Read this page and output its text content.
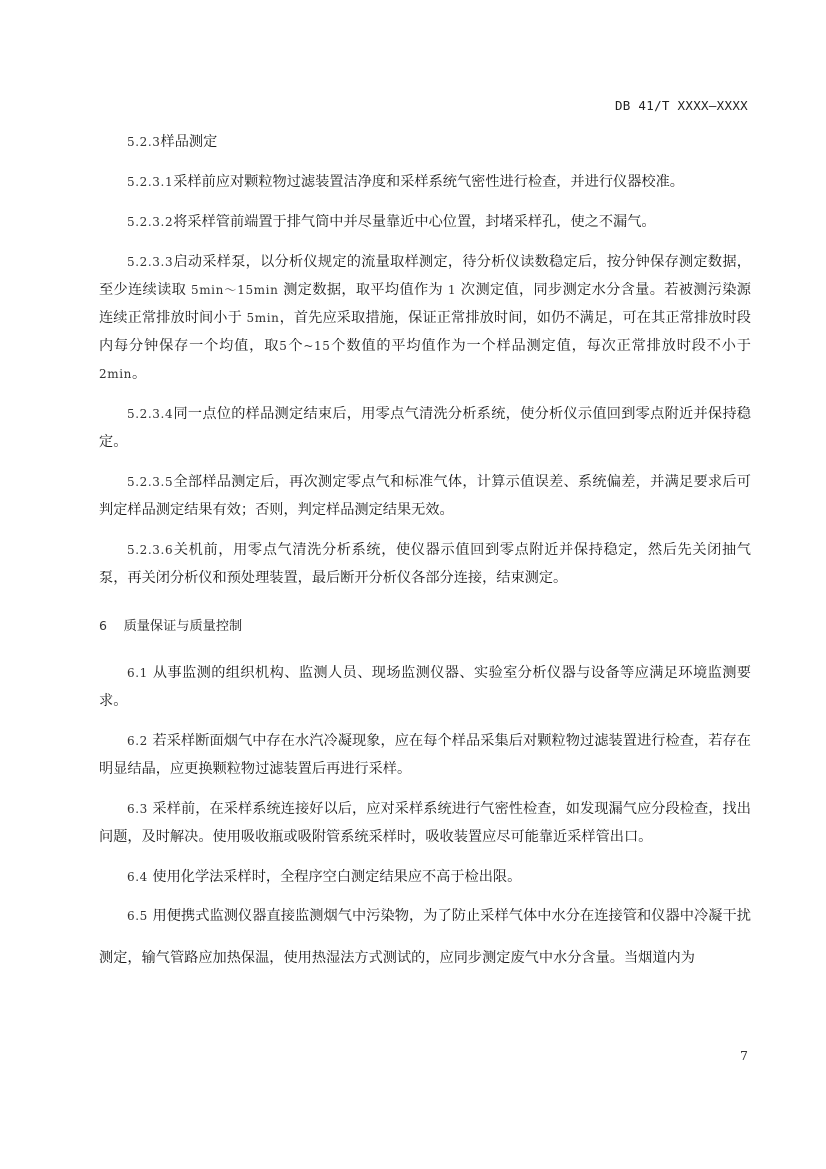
DB 41/T XXXX—XXXX

5.2.3样品测定

5.2.3.1采样前应对颗粒物过滤装置洁净度和采样系统气密性进行检查，并进行仪器校准。

5.2.3.2将采样管前端置于排气筒中并尽量靠近中心位置，封堵采样孔，使之不漏气。

5.2.3.3启动采样泵，以分析仪规定的流量取样测定，待分析仪读数稳定后，按分钟保存测定数据，至少连续读取 5min～15min 测定数据，取平均值作为 1 次测定值，同步测定水分含量。若被测污染源连续正常排放时间小于 5min，首先应采取措施，保证正常排放时间，如仍不满足，可在其正常排放时段内每分钟保存一个均值，取5个~15个数值的平均值作为一个样品测定值，每次正常排放时段不小于2min。

5.2.3.4同一点位的样品测定结束后，用零点气清洗分析系统，使分析仪示值回到零点附近并保持稳定。

5.2.3.5全部样品测定后，再次测定零点气和标准气体，计算示值误差、系统偏差，并满足要求后可判定样品测定结果有效；否则，判定样品测定结果无效。

5.2.3.6关机前，用零点气清洗分析系统，使仪器示值回到零点附近并保持稳定，然后先关闭抽气泵，再关闭分析仪和预处理装置，最后断开分析仪各部分连接，结束测定。

6 质量保证与质量控制

6.1 从事监测的组织机构、监测人员、现场监测仪器、实验室分析仪器与设备等应满足环境监测要求。

6.2 若采样断面烟气中存在水汽冷凝现象，应在每个样品采集后对颗粒物过滤装置进行检查，若存在明显结晶，应更换颗粒物过滤装置后再进行采样。

6.3 采样前，在采样系统连接好以后，应对采样系统进行气密性检查，如发现漏气应分段检查，找出问题，及时解决。使用吸收瓶或吸附管系统采样时，吸收装置应尽可能靠近采样管出口。

6.4 使用化学法采样时，全程序空白测定结果应不高于检出限。

6.5 用便携式监测仪器直接监测烟气中污染物，为了防止采样气体中水分在连接管和仪器中冷凝干扰测定，输气管路应加热保温，使用热湿法方式测试的，应同步测定废气中水分含量。当烟道内为

7
